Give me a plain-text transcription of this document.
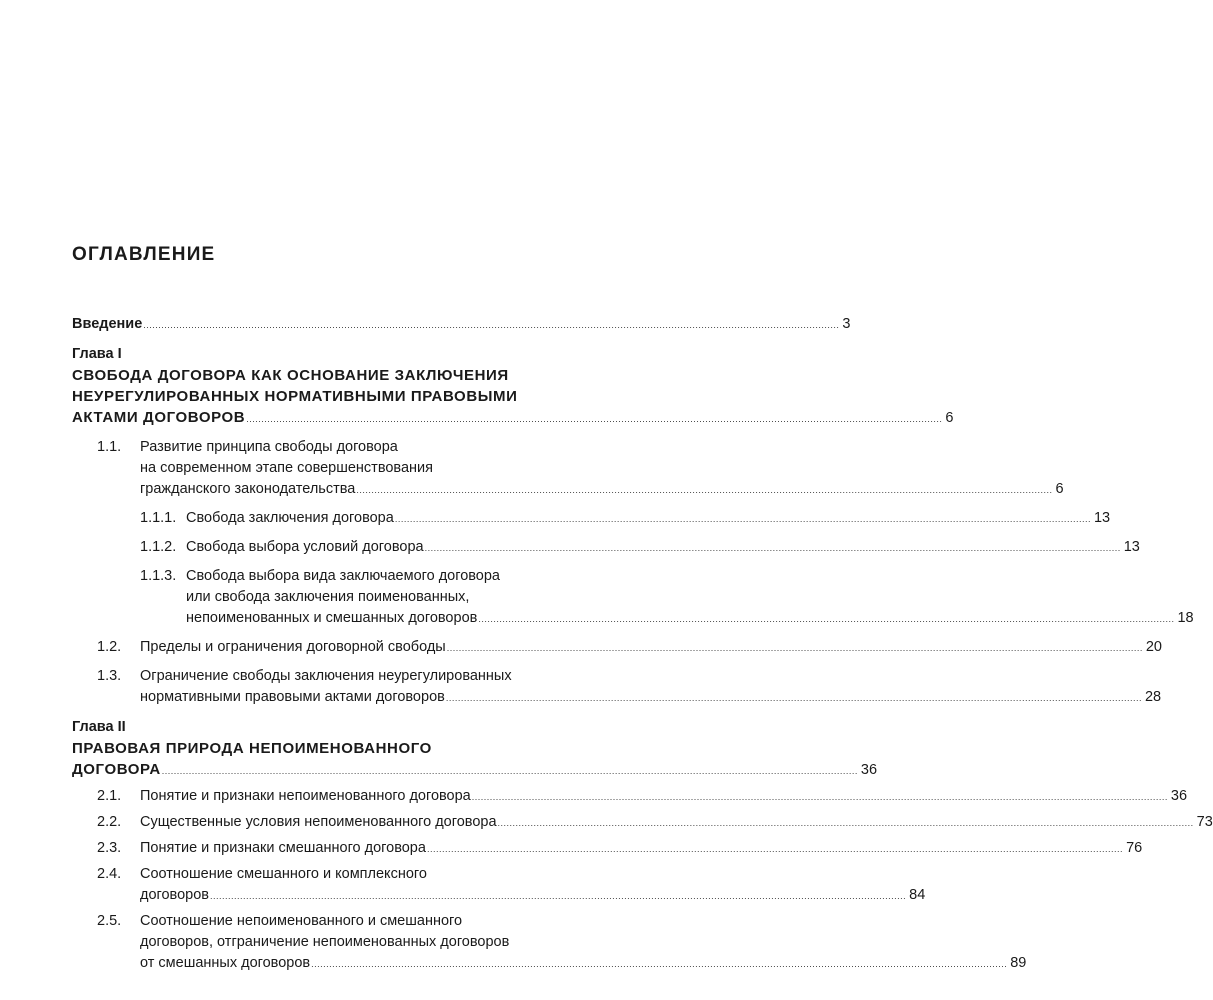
ОГЛАВЛЕНИЕ
Введение .....	3
Глава I
СВОБОДА ДОГОВОРА КАК ОСНОВАНИЕ ЗАКЛЮЧЕНИЯ
НЕУРЕГУЛИРОВАННЫХ НОРМАТИВНЫМИ ПРАВОВЫМИ
АКТАМИ ДОГОВОРОВ .....	6
1.1.	Развитие принципа свободы договора
на современном этапе совершенствования
гражданского законодательства .....	6
1.1.1. Свобода заключения договора .....	13
1.1.2. Свобода выбора условий договора .....	13
1.1.3. Свобода выбора вида заключаемого договора
или свобода заключения поименованных,
непоименованных и смешанных договоров .....	18
1.2.	Пределы и ограничения договорной свободы .....	20
1.3.	Ограничение свободы заключения неурегулированных
нормативными правовыми актами договоров .....	28
Глава II
ПРАВОВАЯ ПРИРОДА НЕПОИМЕНОВАННОГО
ДОГОВОРА .....	36
2.1.	Понятие и признаки непоименованного договора .....	36
2.2.	Существенные условия непоименованного договора .....	73
2.3.	Понятие и признаки смешанного договора .....	76
2.4.	Соотношение смешанного и комплексного
договоров .....	84
2.5.	Соотношение непоименованного и смешанного
договоров, отграничение непоименованных договоров
от смешанных договоров .....	89
